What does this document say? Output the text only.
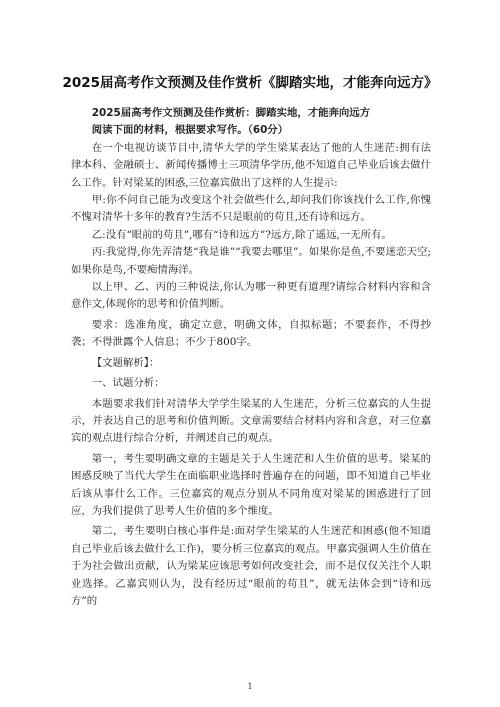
2025届高考作文预测及佳作赏析《脚踏实地，才能奔向远方》

2025届高考作文预测及佳作赏析：脚踏实地，才能奔向远方

阅读下面的材料，根据要求写作。（60分）

在一个电视访谈节目中,清华大学的学生梁某表达了他的人生迷茫:拥有法律本科、金融硕士、新闻传播博士三项清华学历,他不知道自己毕业后该去做什么工作。针对梁某的困惑,三位嘉宾做出了这样的人生提示:

甲:你不问自己能为改变这个社会做些什么,却问我们你该找什么工作,你愧不愧对清华十多年的教育?生活不只是眼前的苟且,还有诗和远方。

乙:没有“眼前的苟且”,哪有“诗和远方”?远方,除了遥远,一无所有。

丙:我觉得,你先弄清楚“我是谁”“我要去哪里”。如果你是鱼,不要迷恋天空;如果你是鸟,不要痴情海洋。

以上甲、乙、丙的三种说法,你认为哪一种更有道理?请综合材料内容和含意作文,体现你的思考和价值判断。

要求：选准角度，确定立意，明确文体，自拟标题；不要套作，不得抄袭；不得泄露个人信息；不少于800字。

【文题解析】：

一、试题分析：

本题要求我们针对清华大学学生梁某的人生迷茫，分析三位嘉宾的人生提示，并表达自己的思考和价值判断。文章需要结合材料内容和含意，对三位嘉宾的观点进行综合分析，并阐述自己的观点。

第一，考生要明确文章的主题是关于人生迷茫和人生价值的思考。梁某的困惑反映了当代大学生在面临职业选择时普遍存在的问题，即不知道自己毕业后该从事什么工作。三位嘉宾的观点分别从不同角度对梁某的困惑进行了回应，为我们提供了思考人生价值的多个维度。

第二，考生要明白核心事件是:面对学生梁某的人生迷茫和困惑(他不知道自己毕业后该去做什么工作)，要分析三位嘉宾的观点。甲嘉宾强调人生价值在于为社会做出贡献，认为梁某应该思考如何改变社会，而不是仅仅关注个人职业选择。乙嘉宾则认为，没有经历过“眼前的苟且”，就无法体会到“诗和远方”的

1
